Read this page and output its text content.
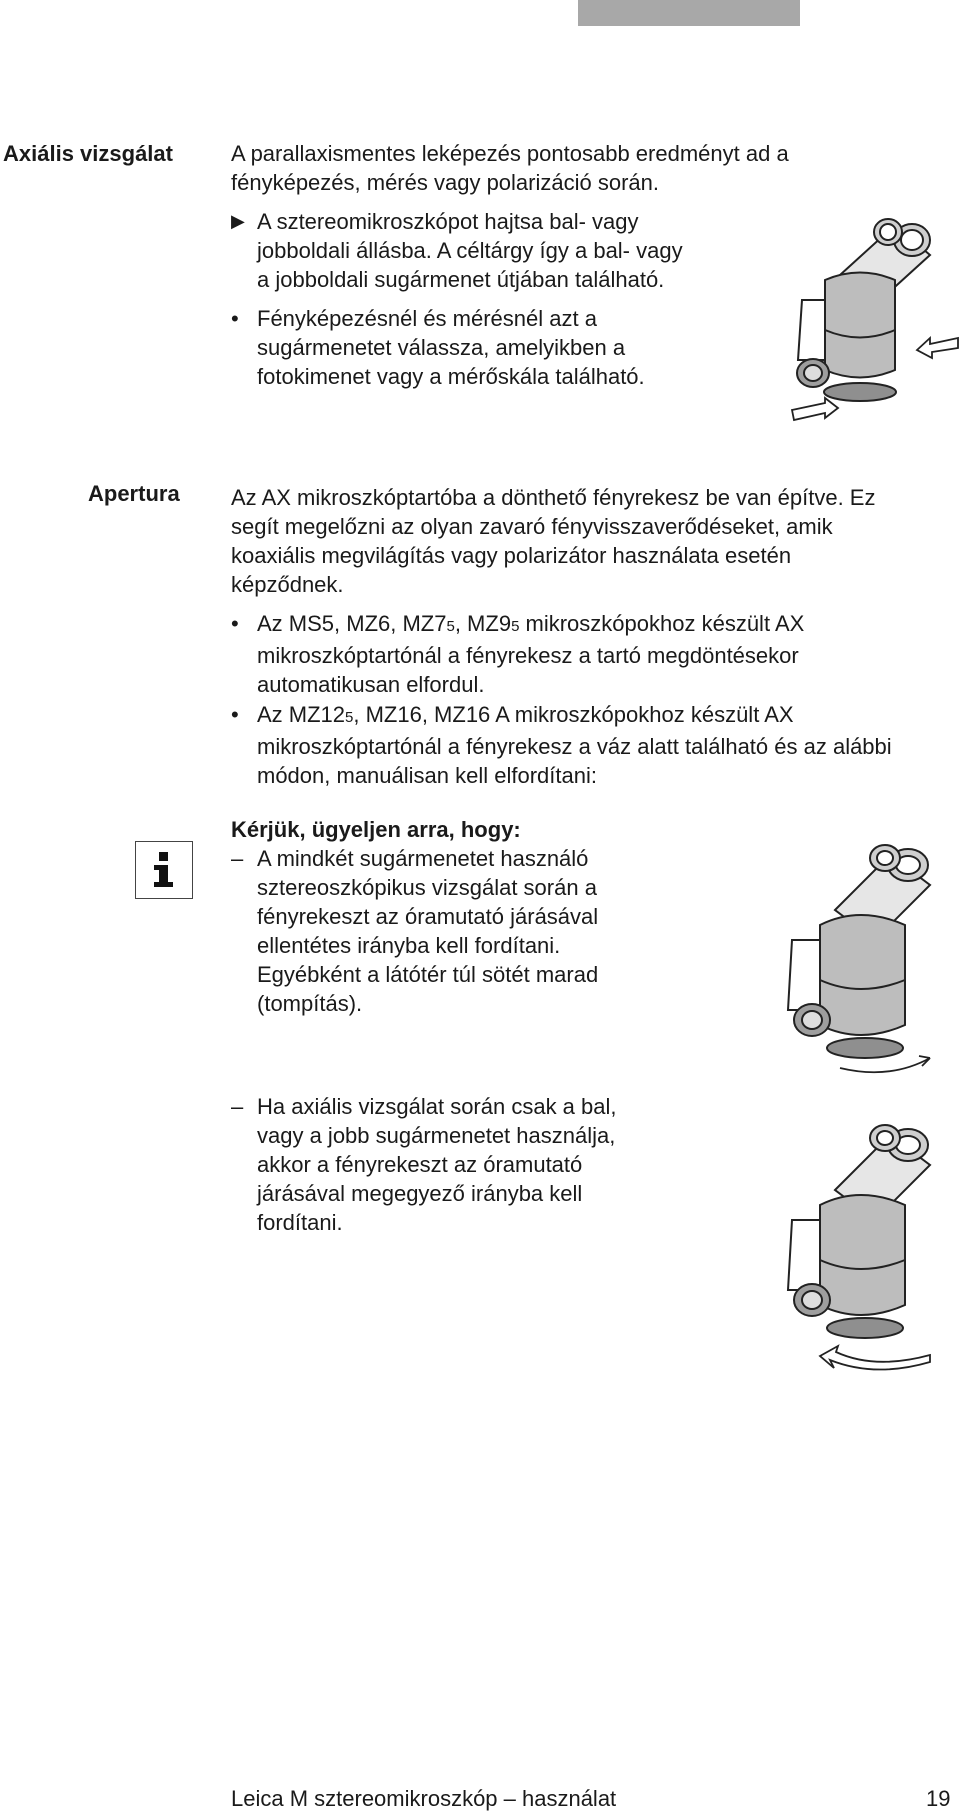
Axiális vizsgálat	A parallaxismentes leképezés pontosabb eredményt ad a fényképezés, mérés vagy polarizáció során.

▶ A sztereomikroszkópot hajtsa bal- vagy jobboldali állásba. A céltárgy így a bal- vagy a jobboldali sugármenet útjában található.
• Fényképezésnél és mérésnél azt a sugármenetet válassza, amelyikben a fotokimenet vagy a mérőskála található.
Apertura Az AX mikroszkóptartóba a dönthető fényrekesz be van építve. Ez segít megelőzni az olyan zavaró fényvisszaverődéseket, amik koaxiális megvilágítás vagy polarizátor használata esetén képződnek.

• Az MS5, MZ6, MZ75, MZ95 mikroszkópokhoz készült AX mikroszkóptartónál a fényrekesz a tartó megdöntésekor automatikusan elfordul.
• Az MZ125, MZ16, MZ16 A mikroszkópokhoz készült AX mikroszkóptartónál a fényrekesz a váz alatt található és az alábbi módon, manuálisan kell elfordítani:
Kérjük, ügyeljen arra, hogy:
– A mindkét sugármenetet használó sztereoszkópikus vizsgálat során a fényrekeszt az óramutató járásával ellentétes irányba kell fordítani. Egyébként a látótér túl sötét marad (tompítás).
– Ha axiális vizsgálat során csak a bal, vagy a jobb sugármenetet használja, akkor a fényrekeszt az óramutató járásával megegyező irányba kell fordítani.
Leica M sztereomikroszkóp – használat	19
